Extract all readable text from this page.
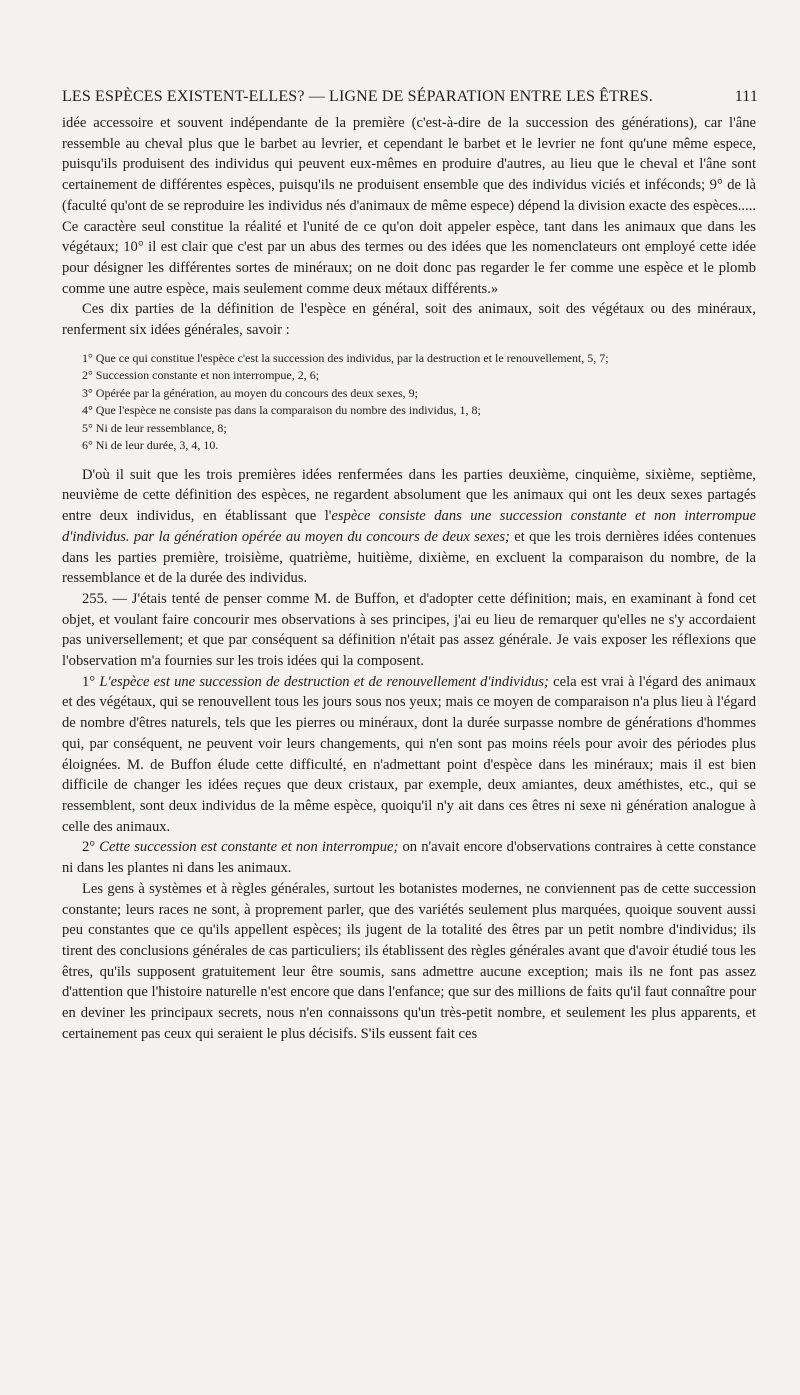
LES ESPÈCES EXISTENT-ELLES? — LIGNE DE SÉPARATION ENTRE LES ÊTRES.	111

idée accessoire et souvent indépendante de la première (c'est-à-dire de la succession des générations), car l'âne ressemble au cheval plus que le barbet au levrier, et cependant le barbet et le levrier ne font qu'une même espece, puisqu'ils produisent des individus qui peuvent eux-mêmes en produire d'autres, au lieu que le cheval et l'âne sont certainement de différentes espèces, puisqu'ils ne produisent ensemble que des individus viciés et inféconds; 9° de là (faculté qu'ont de se reproduire les individus nés d'animaux de même espece) dépend la division exacte des espèces..... Ce caractère seul constitue la réalité et l'unité de ce qu'on doit appeler espèce, tant dans les animaux que dans les végétaux; 10° il est clair que c'est par un abus des termes ou des idées que les nomenclateurs ont employé cette idée pour désigner les différentes sortes de minéraux; on ne doit donc pas regarder le fer comme une espèce et le plomb comme une autre espèce, mais seulement comme deux métaux différents.»

Ces dix parties de la définition de l'espèce en général, soit des animaux, soit des végétaux ou des minéraux, renferment six idées générales, savoir :

1° Que ce qui constitue l'espèce c'est la succession des individus, par la destruction et le renouvellement, 5, 7;
2° Succession constante et non interrompue, 2, 6;
3° Opérée par la génération, au moyen du concours des deux sexes, 9;
4° Que l'espèce ne consiste pas dans la comparaison du nombre des individus, 1, 8;
5° Ni de leur ressemblance, 8;
6° Ni de leur durée, 3, 4, 10.

D'où il suit que les trois premières idées renfermées dans les parties deuxième, cinquième, sixième, septième, neuvième de cette définition des espèces, ne regardent absolument que les animaux qui ont les deux sexes partagés entre deux individus, en établissant que l'espèce consiste dans une succession constante et non interrompue d'individus. par la génération opérée au moyen du concours de deux sexes; et que les trois dernières idées contenues dans les parties première, troisième, quatrième, huitième, dixième, en excluent la comparaison du nombre, de la ressemblance et de la durée des individus.

255. — J'étais tenté de penser comme M. de Buffon, et d'adopter cette définition; mais, en examinant à fond cet objet, et voulant faire concourir mes observations à ses principes, j'ai eu lieu de remarquer qu'elles ne s'y accordaient pas universellement; et que par conséquent sa définition n'était pas assez générale. Je vais exposer les réflexions que l'observation m'a fournies sur les trois idées qui la composent.

1° L'espèce est une succession de destruction et de renouvellement d'individus; cela est vrai à l'égard des animaux et des végétaux, qui se renouvellent tous les jours sous nos yeux; mais ce moyen de comparaison n'a plus lieu à l'égard de nombre d'êtres naturels, tels que les pierres ou minéraux, dont la durée surpasse nombre de générations d'hommes qui, par conséquent, ne peuvent voir leurs changements, qui n'en sont pas moins réels pour avoir des périodes plus éloignées. M. de Buffon élude cette difficulté, en n'admettant point d'espèce dans les minéraux; mais il est bien difficile de changer les idées reçues que deux cristaux, par exemple, deux amiantes, deux améthistes, etc., qui se ressemblent, sont deux individus de la même espèce, quoiqu'il n'y ait dans ces êtres ni sexe ni génération analogue à celle des animaux.

2° Cette succession est constante et non interrompue; on n'avait encore d'observations contraires à cette constance ni dans les plantes ni dans les animaux.

Les gens à systèmes et à règles générales, surtout les botanistes modernes, ne conviennent pas de cette succession constante; leurs races ne sont, à proprement parler, que des variétés seulement plus marquées, quoique souvent aussi peu constantes que ce qu'ils appellent espèces; ils jugent de la totalité des êtres par un petit nombre d'individus; ils tirent des conclusions générales de cas particuliers; ils établissent des règles générales avant que d'avoir étudié tous les êtres, qu'ils supposent gratuitement leur être soumis, sans admettre aucune exception; mais ils ne font pas assez d'attention que l'histoire naturelle n'est encore que dans l'enfance; que sur des millions de faits qu'il faut connaître pour en deviner les principaux secrets, nous n'en connaissons qu'un très-petit nombre, et seulement les plus apparents, et certainement pas ceux qui seraient le plus décisifs. S'ils eussent fait ces
